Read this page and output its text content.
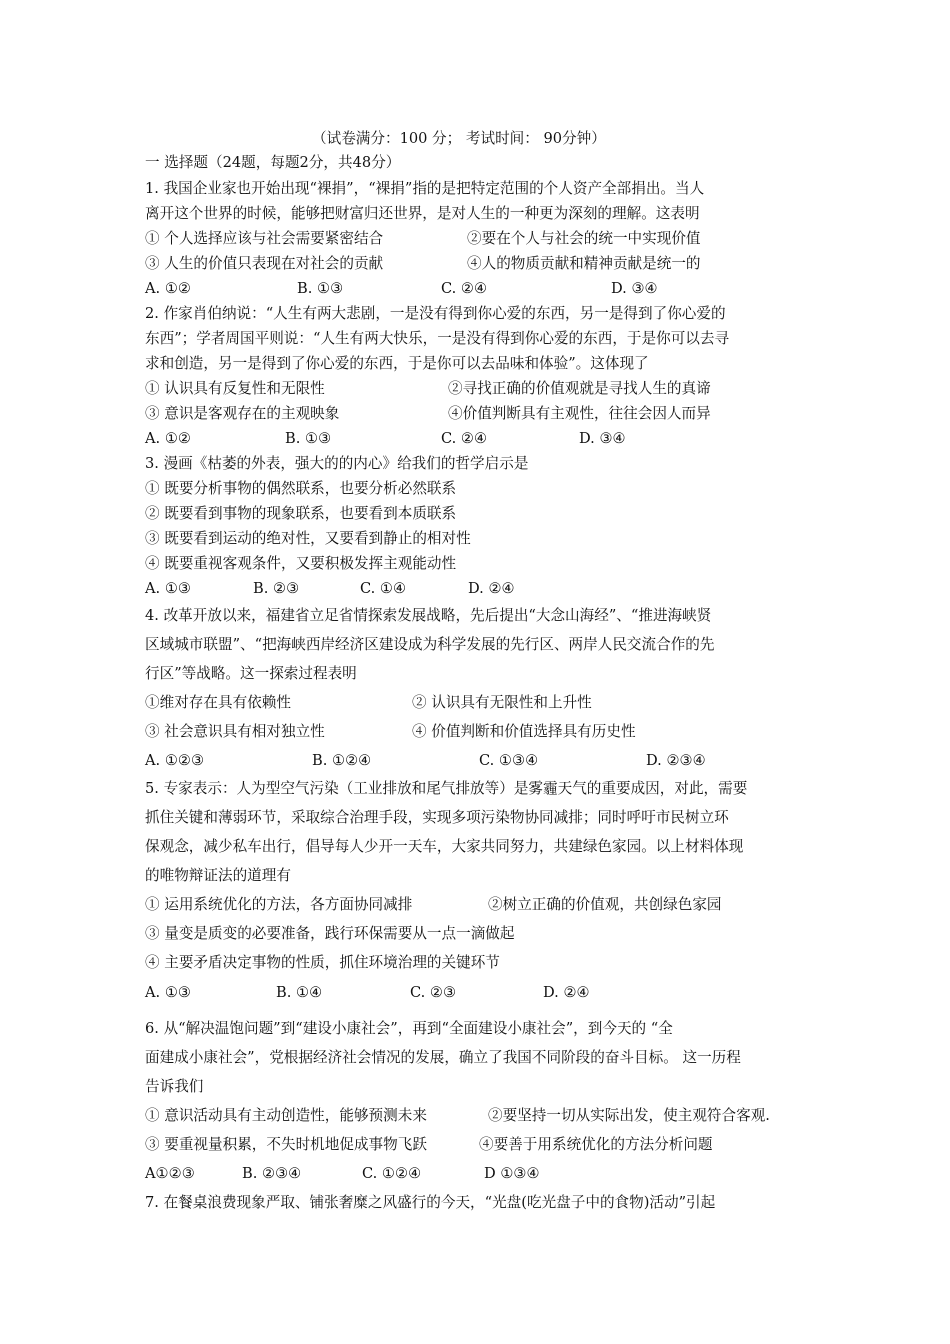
（试卷满分：100 分； 考试时间： 90分钟）
一 选择题（24题，每题2分，共48分）
1. 我国企业家也开始出现“裸捐”，“裸捐”指的是把特定范围的个人资产全部捐出。当人
离开这个世界的时候，能够把财富归还世界，是对人生的一种更为深刻的理解。这表明
① 个人选择应该与社会需要紧密结合	②要在个人与社会的统一中实现价值
③ 人生的价值只表现在对社会的贡献	④人的物质贡献和精神贡献是统一的
A. ①②	B. ①③	C. ②④	D. ③④
2. 作家肖伯纳说：“人生有两大悲剧，一是没有得到你心爱的东西，另一是得到了你心爱的
东西”；学者周国平则说：“人生有两大快乐，一是没有得到你心爱的东西，于是你可以去寻
求和创造，另一是得到了你心爱的东西，于是你可以去品味和体验”。这体现了
① 认识具有反复性和无限性	②寻找正确的价值观就是寻找人生的真谛
③ 意识是客观存在的主观映象	④价值判断具有主观性，往往会因人而异
A. ①②	B. ①③	C. ②④	D. ③④
3. 漫画《枯萎的外表，强大的的内心》给我们的哲学启示是
① 既要分析事物的偶然联系，也要分析必然联系
② 既要看到事物的现象联系，也要看到本质联系
③ 既要看到运动的绝对性，又要看到静止的相对性
④ 既要重视客观条件，又要积极发挥主观能动性
A. ①③	B. ②③	C. ①④	D. ②④
4. 改革开放以来，福建省立足省情探索发展战略，先后提出“大念山海经”、“推进海峡贤
区域城市联盟”、“把海峡西岸经济区建设成为科学发展的先行区、两岸人民交流合作的先
行区”等战略。这一探索过程表明
①维对存在具有依赖性	② 认识具有无限性和上升性
③ 社会意识具有相对独立性	④ 价值判断和价值选择具有历史性
A. ①②③	B. ①②④	C. ①③④	D. ②③④
5. 专家表示：人为型空气污染（工业排放和尾气排放等）是雾霾天气的重要成因，对此，需要
抓住关键和薄弱环节，采取综合治理手段，实现多项污染物协同减排；同时呼吁市民树立环
保观念，减少私车出行，倡导每人少开一天车，大家共同努力，共建绿色家园。以上材料体现
的唯物辩证法的道理有
① 运用系统优化的方法，各方面协同减排	②树立正确的价值观，共创绿色家园
③ 量变是质变的必要准备，践行环保需要从一点一滴做起
④ 主要矛盾决定事物的性质，抓住环境治理的关键环节
A. ①③	B. ①④	C. ②③	D. ②④
6. 从“解决温饱问题”到“建设小康社会”，再到“全面建设小康社会”，到今天的 “全
面建成小康社会”，党根据经济社会情况的发展，确立了我国不同阶段的奋斗目标。 这一历程
告诉我们
① 意识活动具有主动创造性，能够预测未来	②要坚持一切从实际出发，使主观符合客观.
③ 要重视量积累，不失时机地促成事物飞跃	④要善于用系统优化的方法分析问题
A①②③	B. ②③④	C. ①②④	D ①③④
7. 在餐桌浪费现象严取、铺张奢糜之风盛行的今天，“光盘(吃光盘子中的食物)活动”引起
